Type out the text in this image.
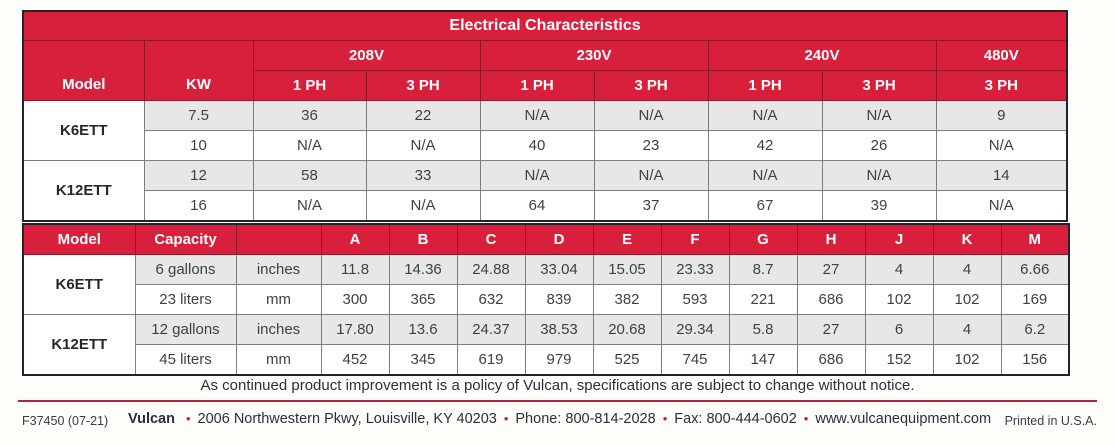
Electrical Characteristics								
Model	KW	208V		230V		240V		480V
		1 PH	3 PH	1 PH	3 PH	1 PH	3 PH	3 PH
K6ETT	7.5	36	22	N/A	N/A	N/A	N/A	9
	10	N/A	N/A	40	23	42	26	N/A
K12ETT	12	58	33	N/A	N/A	N/A	N/A	14
	16	N/A	N/A	64	37	67	39	N/A
Model	Capacity		A	B	C	D	E	F	G	H	J	K	M
K6ETT	6 gallons	inches	11.8	14.36	24.88	33.04	15.05	23.33	8.7	27	4	4	6.66
	23 liters	mm	300	365	632	839	382	593	221	686	102	102	169
K12ETT	12 gallons	inches	17.80	13.6	24.37	38.53	20.68	29.34	5.8	27	6	4	6.2
	45 liters	mm	452	345	619	979	525	745	147	686	152	102	156
As continued product improvement is a policy of Vulcan, specifications are subject to change without notice.
F37450 (07-21) Vulcan • 2006 Northwestern Pkwy, Louisville, KY 40203 • Phone: 800-814-2028 • Fax: 800-444-0602 • www.vulcanequipment.com Printed in U.S.A.
